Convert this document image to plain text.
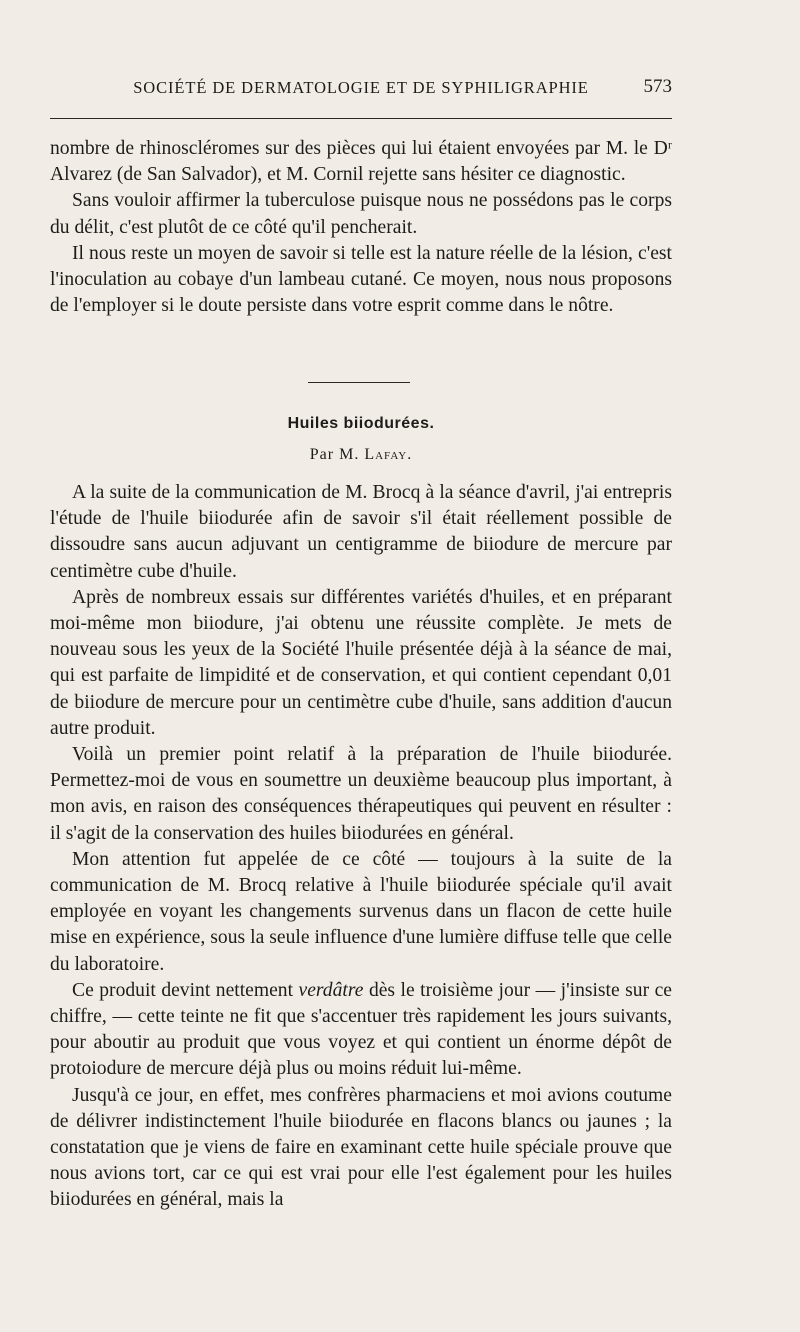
SOCIÉTÉ DE DERMATOLOGIE ET DE SYPHILIGRAPHIE	573

nombre de rhinoscléromes sur des pièces qui lui étaient envoyées par M. le Dʳ Alvarez (de San Salvador), et M. Cornil rejette sans hésiter ce diagnostic.

Sans vouloir affirmer la tuberculose puisque nous ne possédons pas le corps du délit, c'est plutôt de ce côté qu'il pencherait.

Il nous reste un moyen de savoir si telle est la nature réelle de la lésion, c'est l'inoculation au cobaye d'un lambeau cutané. Ce moyen, nous nous proposons de l'employer si le doute persiste dans votre esprit comme dans le nôtre.

Huiles biiodurées.
Par M. Lafay.

A la suite de la communication de M. Brocq à la séance d'avril, j'ai entrepris l'étude de l'huile biiodurée afin de savoir s'il était réellement possible de dissoudre sans aucun adjuvant un centigramme de biiodure de mercure par centimètre cube d'huile.

Après de nombreux essais sur différentes variétés d'huiles, et en préparant moi-même mon biiodure, j'ai obtenu une réussite complète. Je mets de nouveau sous les yeux de la Société l'huile présentée déjà à la séance de mai, qui est parfaite de limpidité et de conservation, et qui contient cependant 0,01 de biiodure de mercure pour un centimètre cube d'huile, sans addition d'aucun autre produit.

Voilà un premier point relatif à la préparation de l'huile biiodurée. Permettez-moi de vous en soumettre un deuxième beaucoup plus important, à mon avis, en raison des conséquences thérapeutiques qui peuvent en résulter : il s'agit de la conservation des huiles biiodurées en général.

Mon attention fut appelée de ce côté — toujours à la suite de la communication de M. Brocq relative à l'huile biiodurée spéciale qu'il avait employée en voyant les changements survenus dans un flacon de cette huile mise en expérience, sous la seule influence d'une lumière diffuse telle que celle du laboratoire.

Ce produit devint nettement verdâtre dès le troisième jour — j'insiste sur ce chiffre, — cette teinte ne fit que s'accentuer très rapidement les jours suivants, pour aboutir au produit que vous voyez et qui contient un énorme dépôt de protoiodure de mercure déjà plus ou moins réduit lui-même.

Jusqu'à ce jour, en effet, mes confrères pharmaciens et moi avions coutume de délivrer indistinctement l'huile biiodurée en flacons blancs ou jaunes ; la constatation que je viens de faire en examinant cette huile spéciale prouve que nous avions tort, car ce qui est vrai pour elle l'est également pour les huiles biiodurées en général, mais la
